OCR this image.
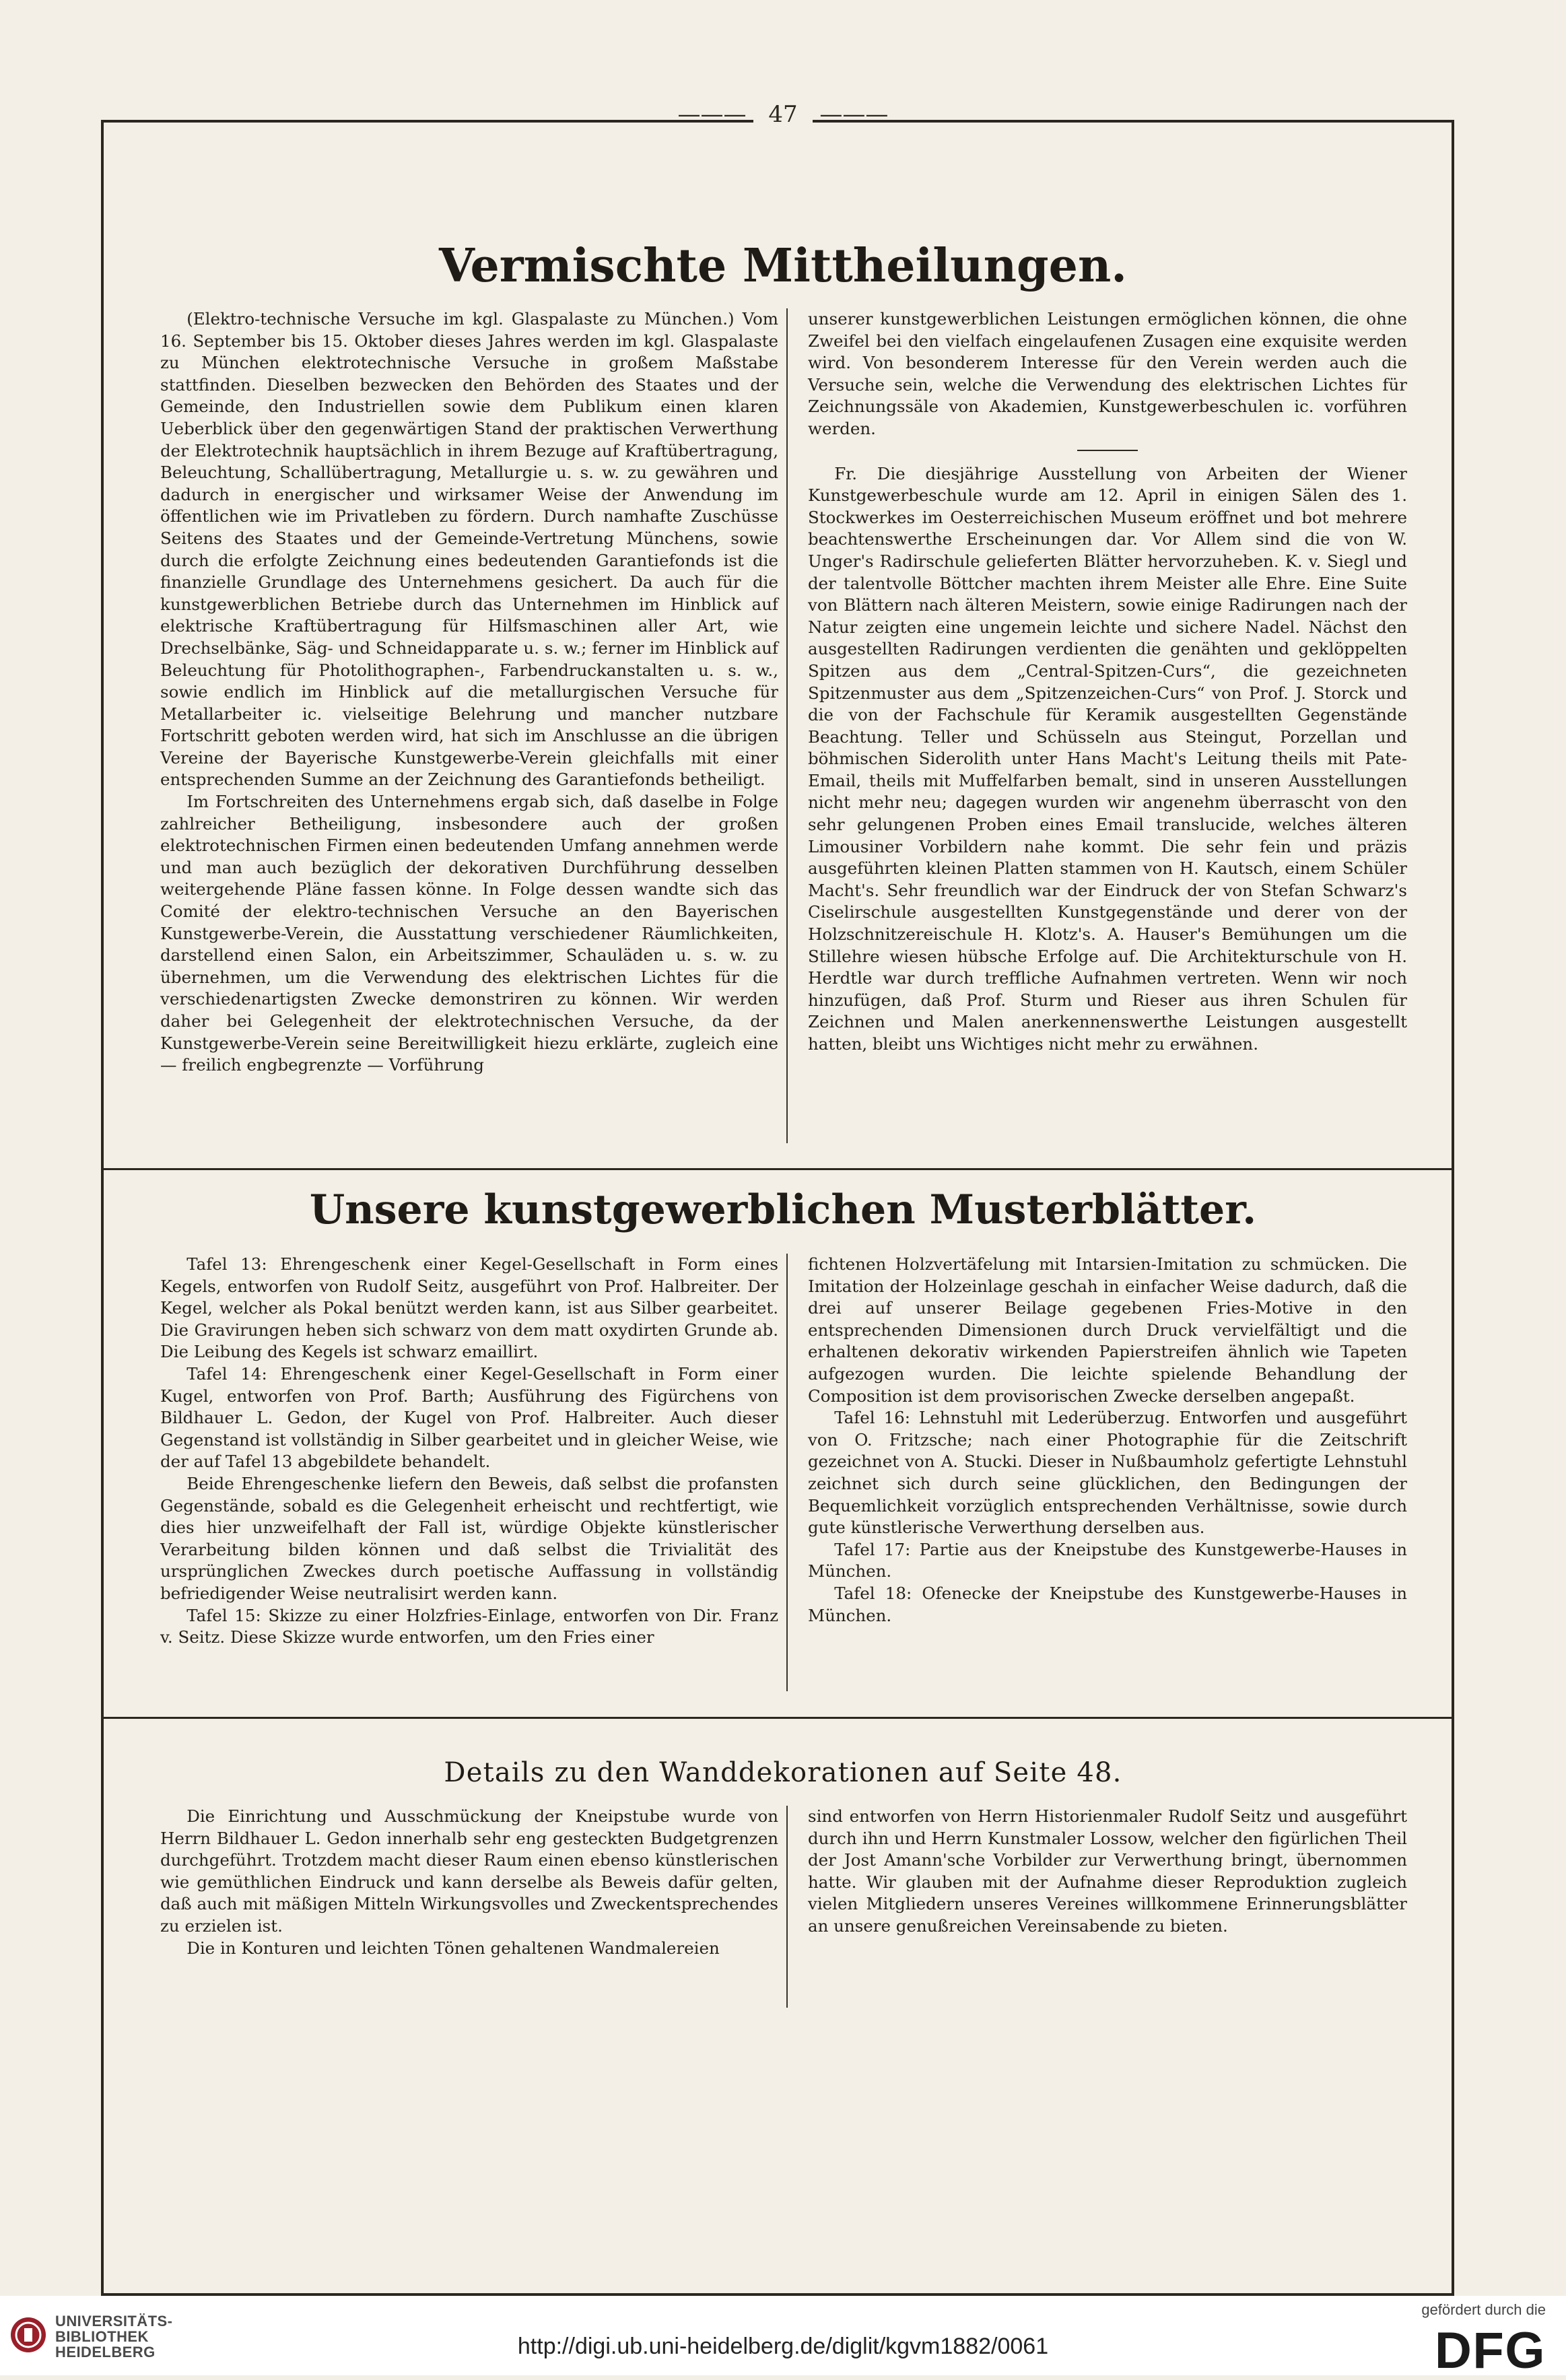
——— 47 ———
Vermischte Mittheilungen.

(Elektro-technische Versuche im kgl. Glaspalaste zu München.) Vom 16. September bis 15. Oktober dieses Jahres werden im kgl. Glaspalaste zu München elektrotechnische Versuche in großem Maßstabe stattfinden. Dieselben bezwecken den Behörden des Staates und der Gemeinde, den Industriellen sowie dem Publikum einen klaren Ueberblick über den gegenwärtigen Stand der praktischen Verwerthung der Elektrotechnik hauptsächlich in ihrem Bezuge auf Kraftübertragung, Beleuchtung, Schallübertragung, Metallurgie u. s. w. zu gewähren und dadurch in energischer und wirksamer Weise der Anwendung im öffentlichen wie im Privatleben zu fördern. Durch namhafte Zuschüsse Seitens des Staates und der Gemeinde-Vertretung Münchens, sowie durch die erfolgte Zeichnung eines bedeutenden Garantiefonds ist die finanzielle Grundlage des Unternehmens gesichert. Da auch für die kunstgewerblichen Betriebe durch das Unternehmen im Hinblick auf elektrische Kraftübertragung für Hilfsmaschinen aller Art, wie Drechselbänke, Säg- und Schneidapparate u. s. w.; ferner im Hinblick auf Beleuchtung für Photolithographen-, Farbendruckanstalten u. s. w., sowie endlich im Hinblick auf die metallurgischen Versuche für Metallarbeiter ic. vielseitige Belehrung und mancher nutzbare Fortschritt geboten werden wird, hat sich im Anschlusse an die übrigen Vereine der Bayerische Kunstgewerbe-Verein gleichfalls mit einer entsprechenden Summe an der Zeichnung des Garantiefonds betheiligt.

Im Fortschreiten des Unternehmens ergab sich, daß daselbe in Folge zahlreicher Betheiligung, insbesondere auch der großen elektrotechnischen Firmen einen bedeutenden Umfang annehmen werde und man auch bezüglich der dekorativen Durchführung desselben weitergehende Pläne fassen könne. In Folge dessen wandte sich das Comité der elektro-technischen Versuche an den Bayerischen Kunstgewerbe-Verein, die Ausstattung verschiedener Räumlichkeiten, darstellend einen Salon, ein Arbeitszimmer, Schauläden u. s. w. zu übernehmen, um die Verwendung des elektrischen Lichtes für die verschiedenartigsten Zwecke demonstriren zu können. Wir werden daher bei Gelegenheit der elektrotechnischen Versuche, da der Kunstgewerbe-Verein seine Bereitwilligkeit hiezu erklärte, zugleich eine — freilich engbegrenzte — Vorführung

unserer kunstgewerblichen Leistungen ermöglichen können, die ohne Zweifel bei den vielfach eingelaufenen Zusagen eine exquisite werden wird. Von besonderem Interesse für den Verein werden auch die Versuche sein, welche die Verwendung des elektrischen Lichtes für Zeichnungssäle von Akademien, Kunstgewerbeschulen ic. vorführen werden.

Fr. Die diesjährige Ausstellung von Arbeiten der Wiener Kunstgewerbeschule wurde am 12. April in einigen Sälen des 1. Stockwerkes im Oesterreichischen Museum eröffnet und bot mehrere beachtenswerthe Erscheinungen dar. Vor Allem sind die von W. Unger's Radirschule gelieferten Blätter hervorzuheben. K. v. Siegl und der talentvolle Böttcher machten ihrem Meister alle Ehre. Eine Suite von Blättern nach älteren Meistern, sowie einige Radirungen nach der Natur zeigten eine ungemein leichte und sichere Nadel. Nächst den ausgestellten Radirungen verdienten die genähten und geklöppelten Spitzen aus dem „Central-Spitzen-Curs“, die gezeichneten Spitzenmuster aus dem „Spitzenzeichen-Curs“ von Prof. J. Storck und die von der Fachschule für Keramik ausgestellten Gegenstände Beachtung. Teller und Schüsseln aus Steingut, Porzellan und böhmischen Siderolith unter Hans Macht's Leitung theils mit Pate-Email, theils mit Muffelfarben bemalt, sind in unseren Ausstellungen nicht mehr neu; dagegen wurden wir angenehm überrascht von den sehr gelungenen Proben eines Email translucide, welches älteren Limousiner Vorbildern nahe kommt. Die sehr fein und präzis ausgeführten kleinen Platten stammen von H. Kautsch, einem Schüler Macht's. Sehr freundlich war der Eindruck der von Stefan Schwarz's Ciselirschule ausgestellten Kunstgegenstände und derer von der Holzschnitzereischule H. Klotz's. A. Hauser's Bemühungen um die Stillehre wiesen hübsche Erfolge auf. Die Architekturschule von H. Herdtle war durch treffliche Aufnahmen vertreten. Wenn wir noch hinzufügen, daß Prof. Sturm und Rieser aus ihren Schulen für Zeichnen und Malen anerkennenswerthe Leistungen ausgestellt hatten, bleibt uns Wichtiges nicht mehr zu erwähnen.

Unsere kunstgewerblichen Musterblätter.

Tafel 13: Ehrengeschenk einer Kegel-Gesellschaft in Form eines Kegels, entworfen von Rudolf Seitz, ausgeführt von Prof. Halbreiter. Der Kegel, welcher als Pokal benützt werden kann, ist aus Silber gearbeitet. Die Gravirungen heben sich schwarz von dem matt oxydirten Grunde ab. Die Leibung des Kegels ist schwarz emaillirt.

Tafel 14: Ehrengeschenk einer Kegel-Gesellschaft in Form einer Kugel, entworfen von Prof. Barth; Ausführung des Figürchens von Bildhauer L. Gedon, der Kugel von Prof. Halbreiter. Auch dieser Gegenstand ist vollständig in Silber gearbeitet und in gleicher Weise, wie der auf Tafel 13 abgebildete behandelt.

Beide Ehrengeschenke liefern den Beweis, daß selbst die profansten Gegenstände, sobald es die Gelegenheit erheischt und rechtfertigt, wie dies hier unzweifelhaft der Fall ist, würdige Objekte künstlerischer Verarbeitung bilden können und daß selbst die Trivialität des ursprünglichen Zweckes durch poetische Auffassung in vollständig befriedigender Weise neutralisirt werden kann.

Tafel 15: Skizze zu einer Holzfries-Einlage, entworfen von Dir. Franz v. Seitz. Diese Skizze wurde entworfen, um den Fries einer

fichtenen Holzvertäfelung mit Intarsien-Imitation zu schmücken. Die Imitation der Holzeinlage geschah in einfacher Weise dadurch, daß die drei auf unserer Beilage gegebenen Fries-Motive in den entsprechenden Dimensionen durch Druck vervielfältigt und die erhaltenen dekorativ wirkenden Papierstreifen ähnlich wie Tapeten aufgezogen wurden. Die leichte spielende Behandlung der Composition ist dem provisorischen Zwecke derselben angepaßt.

Tafel 16: Lehnstuhl mit Lederüberzug. Entworfen und ausgeführt von O. Fritzsche; nach einer Photographie für die Zeitschrift gezeichnet von A. Stucki. Dieser in Nußbaumholz gefertigte Lehnstuhl zeichnet sich durch seine glücklichen, den Bedingungen der Bequemlichkeit vorzüglich entsprechenden Verhältnisse, sowie durch gute künstlerische Verwerthung derselben aus.

Tafel 17: Partie aus der Kneipstube des Kunstgewerbe-Hauses in München.

Tafel 18: Ofenecke der Kneipstube des Kunstgewerbe-Hauses in München.

Details zu den Wanddekorationen auf Seite 48.

Die Einrichtung und Ausschmückung der Kneipstube wurde von Herrn Bildhauer L. Gedon innerhalb sehr eng gesteckten Budgetgrenzen durchgeführt. Trotzdem macht dieser Raum einen ebenso künstlerischen wie gemüthlichen Eindruck und kann derselbe als Beweis dafür gelten, daß auch mit mäßigen Mitteln Wirkungsvolles und Zweckentsprechendes zu erzielen ist.

Die in Konturen und leichten Tönen gehaltenen Wandmalereien

sind entworfen von Herrn Historienmaler Rudolf Seitz und ausgeführt durch ihn und Herrn Kunstmaler Lossow, welcher den figürlichen Theil der Jost Amann'sche Vorbilder zur Verwerthung bringt, übernommen hatte. Wir glauben mit der Aufnahme dieser Reproduktion zugleich vielen Mitgliedern unseres Vereines willkommene Erinnerungsblätter an unsere genußreichen Vereinsabende zu bieten.

UNIVERSITÄTS-
BIBLIOTHEK
HEIDELBERG	http://digi.ub.uni-heidelberg.de/diglit/kgvm1882/0061
gefördert durch die
DFG
